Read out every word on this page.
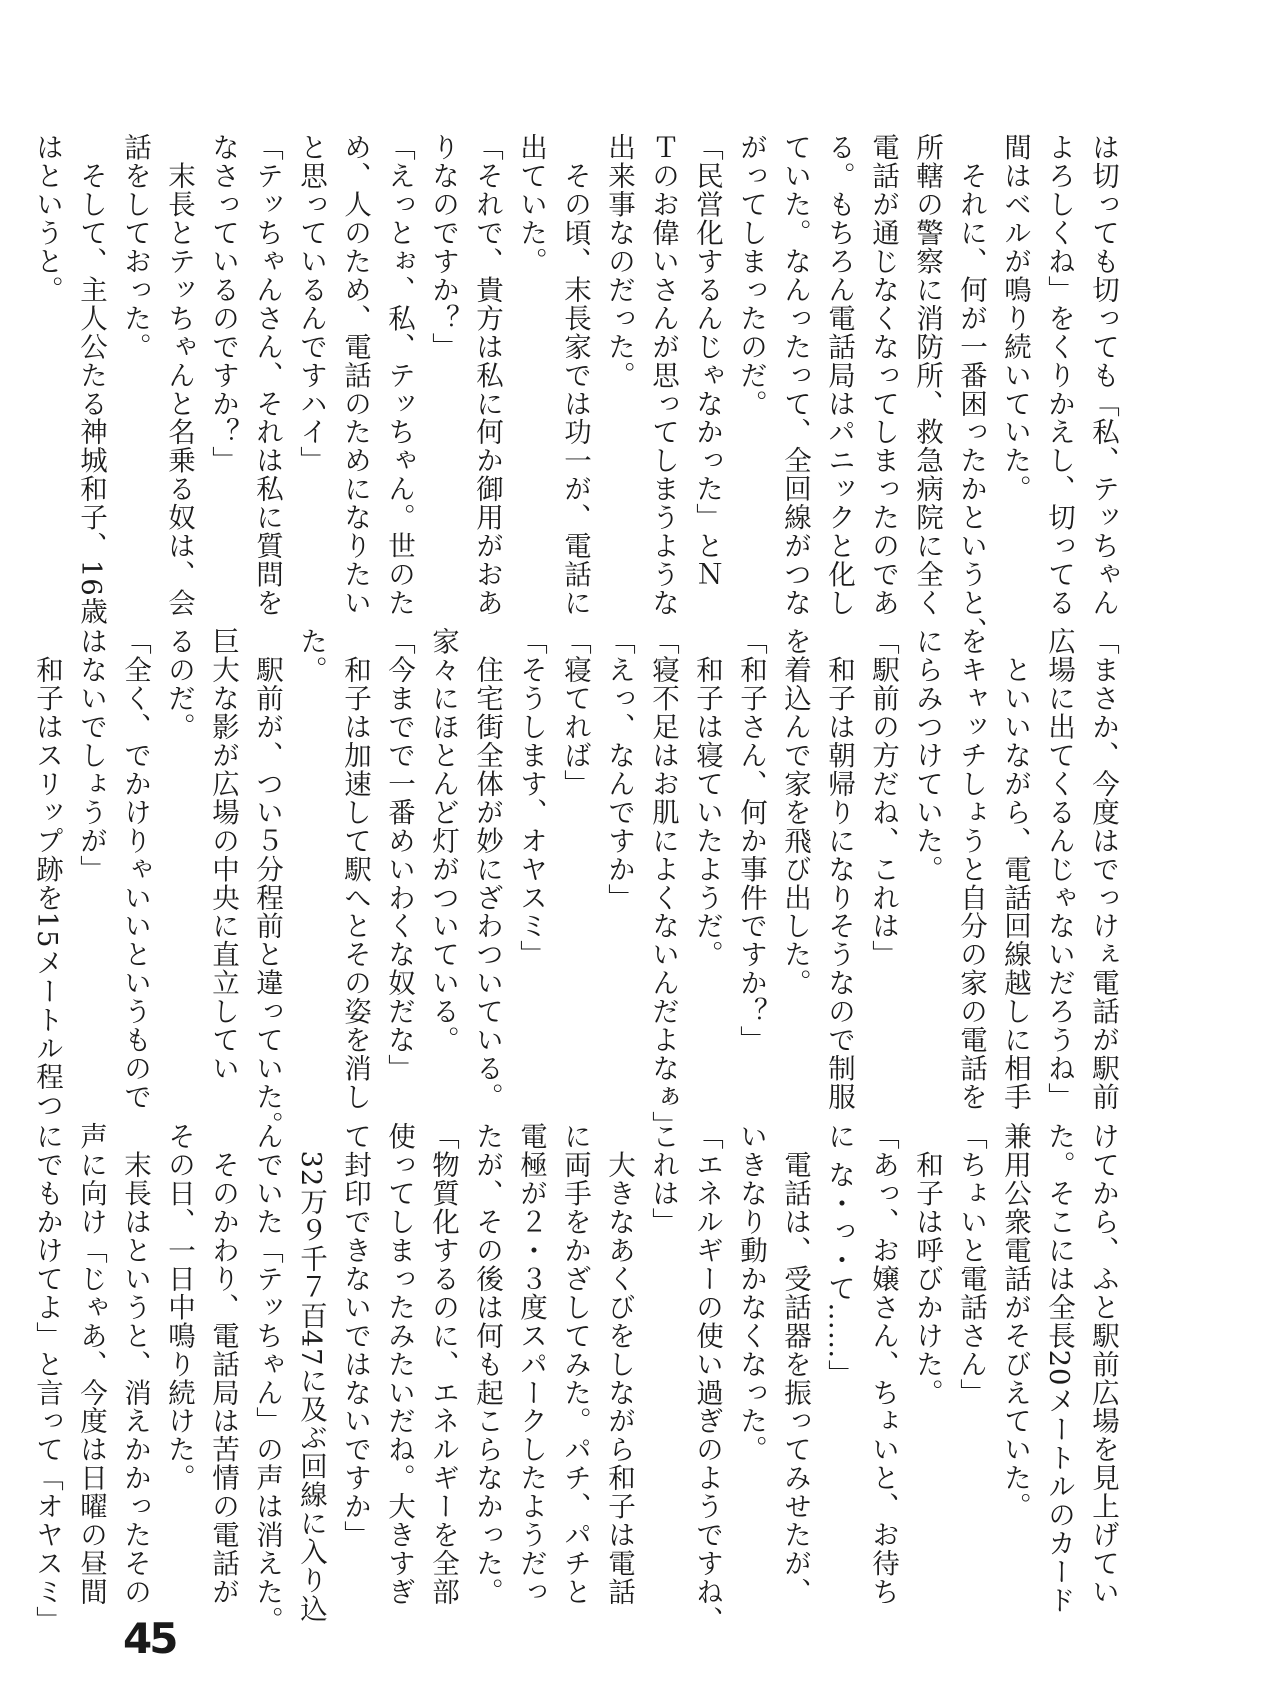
は切っても切っても「私、テッちゃん
よろしくね」をくりかえし、切ってる
間はベルが鳴り続いていた。
　それに、何が一番困ったかというと、
所轄の警察に消防所、救急病院に全く
電話が通じなくなってしまったのであ
る。もちろん電話局はパニックと化し
ていた。なんったって、全回線がつな
がってしまったのだ。
「民営化するんじゃなかった」とＮ
Ｔのお偉いさんが思ってしまうような
出来事なのだった。
　その頃、末長家では功一が、電話に
出ていた。
「それで、貴方は私に何か御用がおあ
りなのですか？」
「えっとぉ、私、テッちゃん。世のた
め、人のため、電話のためになりたい
と思っているんですハイ」
「テッちゃんさん、それは私に質問を
なさっているのですか？」
　末長とテッちゃんと名乗る奴は、会
話をしておった。
　そして、主人公たる神城和子、16歳
はというと。
「まさか、今度はでっけぇ電話が駅前
広場に出てくるんじゃないだろうね」
　といいながら、電話回線越しに相手
をキャッチしょうと自分の家の電話を
にらみつけていた。
「駅前の方だね、これは」
　和子は朝帰りになりそうなので制服
を着込んで家を飛び出した。
「和子さん、何か事件ですか？」
　和子は寝ていたようだ。
「寝不足はお肌によくないんだよなぁ」
「えっ、なんですか」
「寝てれば」
「そうします、オヤスミ」
　住宅街全体が妙にざわついている。
家々にほとんど灯がついている。
「今までで一番めいわくな奴だな」
　和子は加速して駅へとその姿を消し
た。
　駅前が、つい５分程前と違っていた。
巨大な影が広場の中央に直立してい
るのだ。
「全く、でかけりゃいいというもので
はないでしょうが」
　和子はスリップ跡を15メートル程つ
けてから、ふと駅前広場を見上げてい
た。そこには全長20メートルのカード
兼用公衆電話がそびえていた。
「ちょいと電話さん」
　和子は呼びかけた。
「あっ、お嬢さん、ちょいと、お待ち
に な・っ・て……」
　電話は、受話器を振ってみせたが、
いきなり動かなくなった。
「エネルギーの使い過ぎのようですね、
これは」
　大きなあくびをしながら和子は電話
に両手をかざしてみた。パチ、パチと
電極が２・３度スパークしたようだっ
たが、その後は何も起こらなかった。
「物質化するのに、エネルギーを全部
使ってしまったみたいだね。大きすぎ
て封印できないではないですか」
　32万９千７百47に及ぶ回線に入り込
んでいた「テッちゃん」の声は消えた。
　そのかわり、電話局は苦情の電話が
その日、一日中鳴り続けた。
　末長はというと、消えかかったその
声に向け「じゃあ、今度は日曜の昼間
にでもかけてよ」と言って「オヤスミ」
45
